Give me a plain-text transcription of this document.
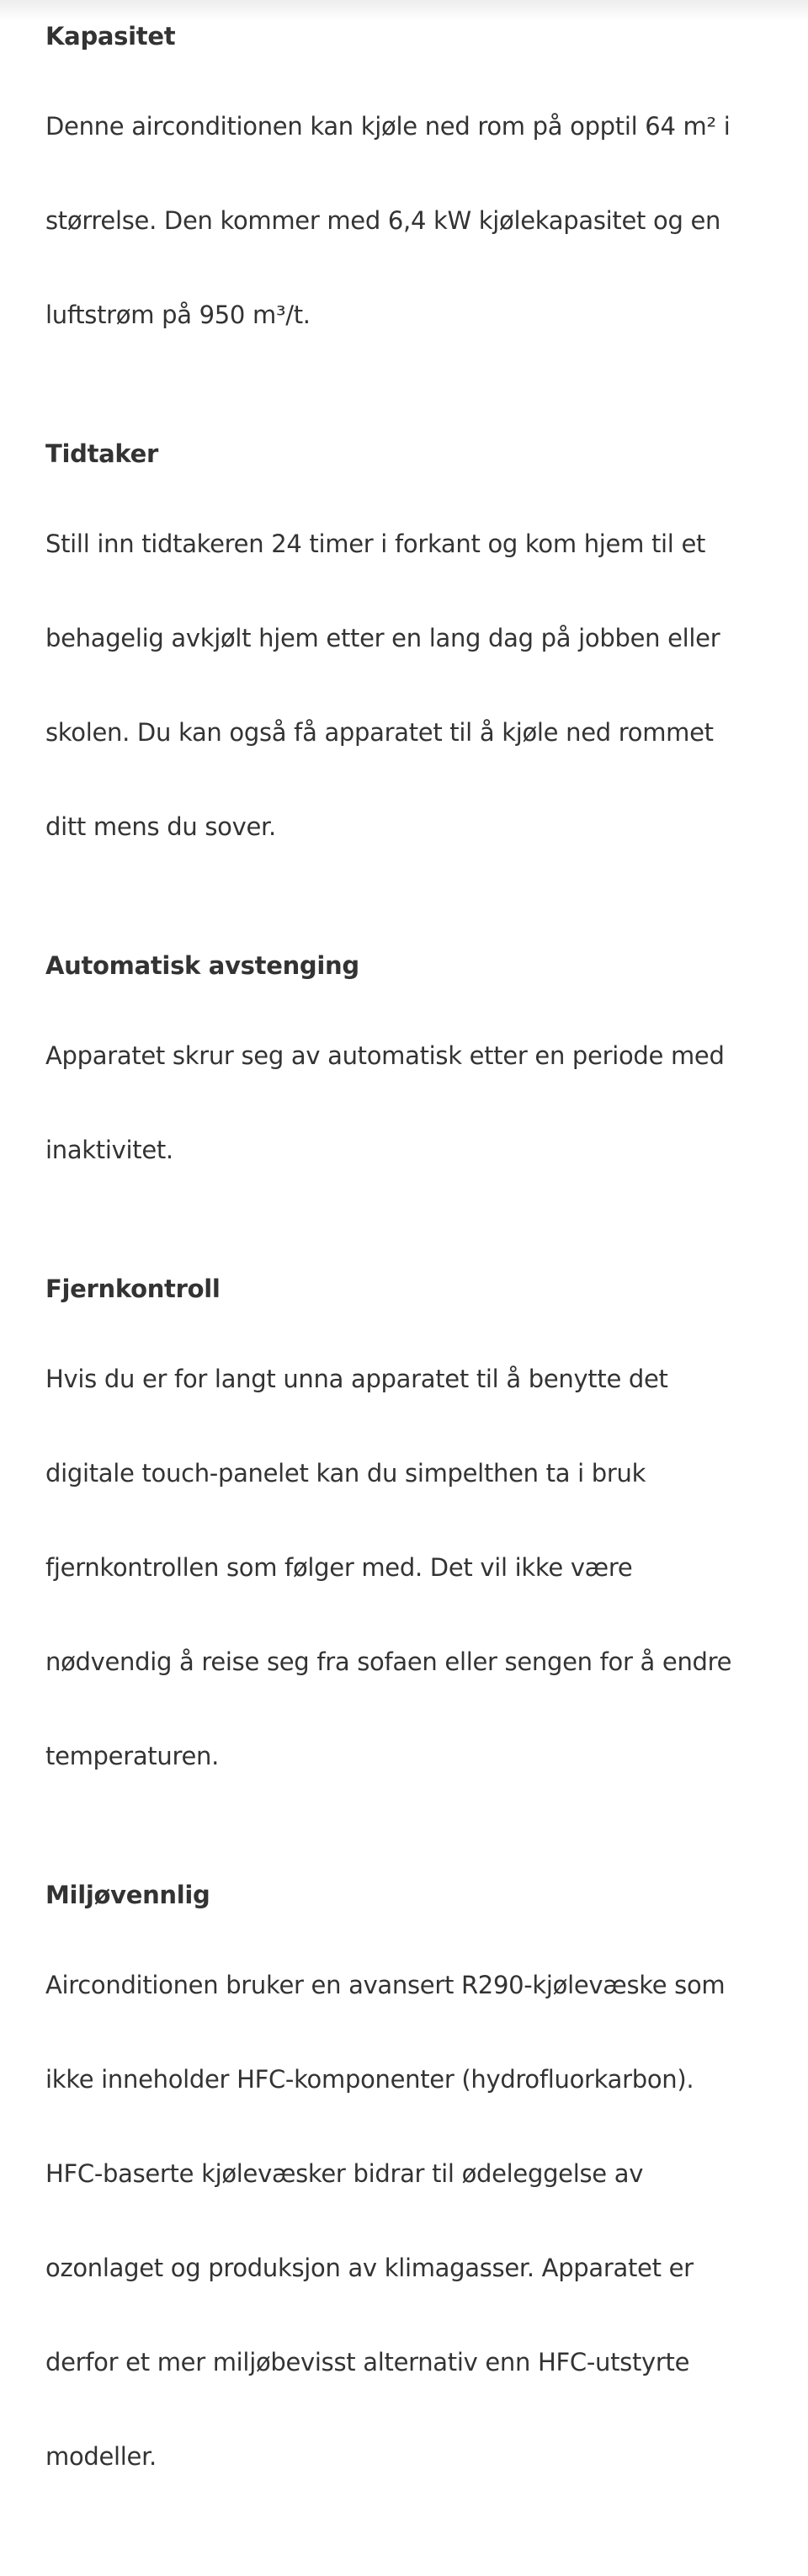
Kapasitet

Denne airconditionen kan kjøle ned rom på opptil 64 m² i

størrelse. Den kommer med 6,4 kW kjølekapasitet og en

luftstrøm på 950 m³/t.

Tidtaker

Still inn tidtakeren 24 timer i forkant og kom hjem til et

behagelig avkjølt hjem etter en lang dag på jobben eller

skolen. Du kan også få apparatet til å kjøle ned rommet

ditt mens du sover.

Automatisk avstenging

Apparatet skrur seg av automatisk etter en periode med

inaktivitet.

Fjernkontroll

Hvis du er for langt unna apparatet til å benytte det

digitale touch-panelet kan du simpelthen ta i bruk

fjernkontrollen som følger med. Det vil ikke være

nødvendig å reise seg fra sofaen eller sengen for å endre

temperaturen.

Miljøvennlig

Airconditionen bruker en avansert R290-kjølevæske som

ikke inneholder HFC-komponenter (hydrofluorkarbon).

HFC-baserte kjølevæsker bidrar til ødeleggelse av

ozonlaget og produksjon av klimagasser. Apparatet er

derfor et mer miljøbevisst alternativ enn HFC-utstyrte

modeller.
